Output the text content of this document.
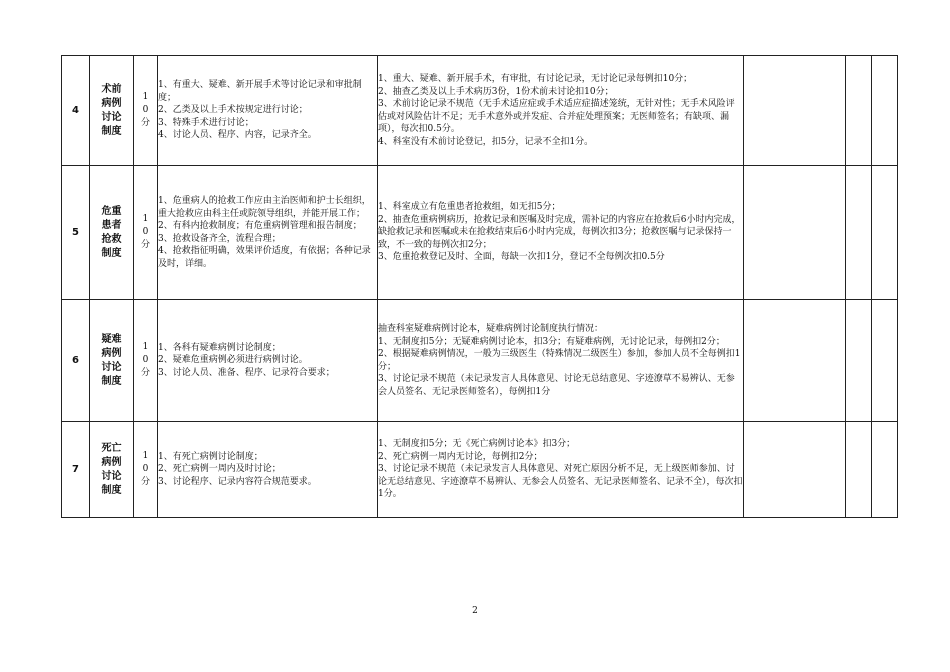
4	术前病例讨论制度	10分	1、有重大、疑难、新开展手术等讨论记录和审批制度；
2、乙类及以上手术按规定进行讨论；
3、特殊手术进行讨论；
4、讨论人员、程序、内容，记录齐全。	1、重大、疑难、新开展手术，有审批，有讨论记录，无讨论记录每例扣10分；
2、抽查乙类及以上手术病历3份，1份术前未讨论扣10分；
3、术前讨论记录不规范（无手术适应症或手术适应症描述笼统，无针对性；无手术风险评估或对风险估计不足；无手术意外或并发症、合并症处理预案；无医师签名；有缺项、漏项），每次扣0.5分。
4、科室没有术前讨论登记，扣5分，记录不全扣1分。			
5	危重患者抢救制度	10分	1、危重病人的抢救工作应由主治医师和护士长组织，重大抢救应由科主任或院领导组织，并能开展工作；
2、有科内抢救制度；有危重病例管理和报告制度；
3、抢救设备齐全，流程合理；
4、抢救指征明确，效果评价适度，有依据；各种记录及时，详细。	1、科室成立有危重患者抢救组，如无扣5分；
2、抽查危重病例病历，抢救记录和医嘱及时完成，需补记的内容应在抢救后6小时内完成，缺抢救记录和医嘱或未在抢救结束后6小时内完成，每例次扣3分；抢救医嘱与记录保持一致，不一致的每例次扣2分；
3、危重抢救登记及时、全面，每缺一次扣1分，登记不全每例次扣0.5分			
6	疑难病例讨论制度	10分	1、各科有疑难病例讨论制度；
2、疑难危重病例必须进行病例讨论。
3、讨论人员、准备、程序、记录符合要求；	抽查科室疑难病例讨论本，疑难病例讨论制度执行情况：
1、无制度扣5分；无疑难病例讨论本，扣3分；有疑难病例，无讨论记录，每例扣2分；
2、根据疑难病例情况，一般为三级医生（特殊情况二级医生）参加，参加人员不全每例扣1分；
3、讨论记录不规范（未记录发言人具体意见、讨论无总结意见、字迹潦草不易辨认、无参会人员签名、无记录医师签名），每例扣1分			
7	死亡病例讨论制度	10分	1、有死亡病例讨论制度；
2、死亡病例一周内及时讨论；
3、讨论程序、记录内容符合规范要求。	1、无制度扣5分；无《死亡病例讨论本》扣3分；
2、死亡病例一周内无讨论，每例扣2分；
3、讨论记录不规范（未记录发言人具体意见、对死亡原因分析不足，无上级医师参加、讨论无总结意见、字迹潦草不易辨认、无参会人员签名、无记录医师签名、记录不全），每次扣1分。			
2
